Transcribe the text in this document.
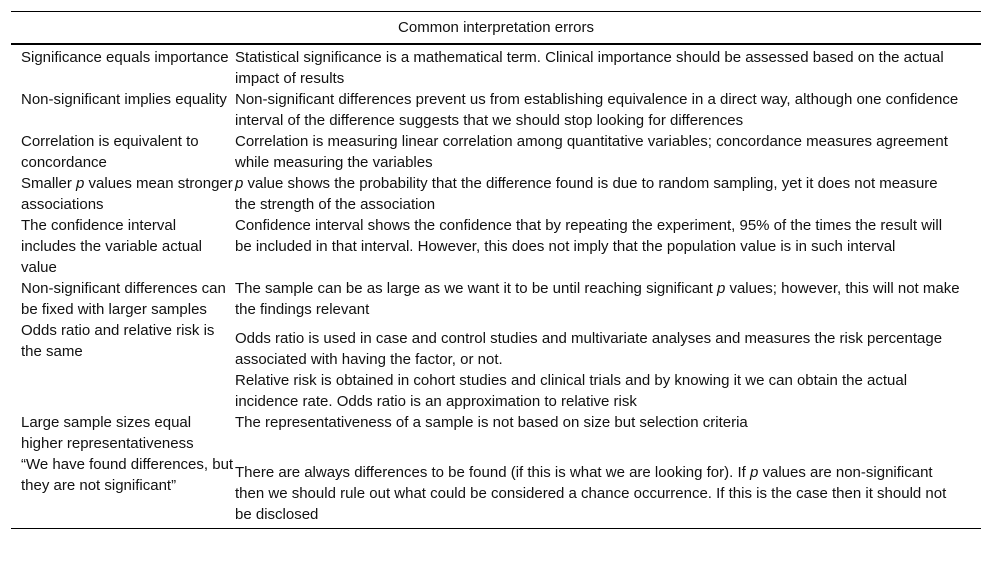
Common interpretation errors	
Significance equals importance	Statistical significance is a mathematical term. Clinical importance should be assessed based on the actual impact of results
Non-significant implies equality	Non-significant differences prevent us from establishing equivalence in a direct way, although one confidence interval of the difference suggests that we should stop looking for differences
Correlation is equivalent to concordance	Correlation is measuring linear correlation among quantitative variables; concordance measures agreement while measuring the variables
Smaller p values mean stronger associations	p value shows the probability that the difference found is due to random sampling, yet it does not measure the strength of the association
The confidence interval includes the variable actual value	Confidence interval shows the confidence that by repeating the experiment, 95% of the times the result will be included in that interval. However, this does not imply that the population value is in such interval
Non-significant differences can be fixed with larger samples	The sample can be as large as we want it to be until reaching significant p values; however, this will not make the findings relevant
Odds ratio and relative risk is the same	Odds ratio is used in case and control studies and multivariate analyses and measures the risk percentage associated with having the factor, or not.
Relative risk is obtained in cohort studies and clinical trials and by knowing it we can obtain the actual incidence rate. Odds ratio is an approximation to relative risk

Large sample sizes equal higher representativeness	The representativeness of a sample is not based on size but selection criteria
“We have found differences, but they are not significant”	There are always differences to be found (if this is what we are looking for). If p values are non-significant then we should rule out what could be considered a chance occurrence. If this is the case then it should not be disclosed
